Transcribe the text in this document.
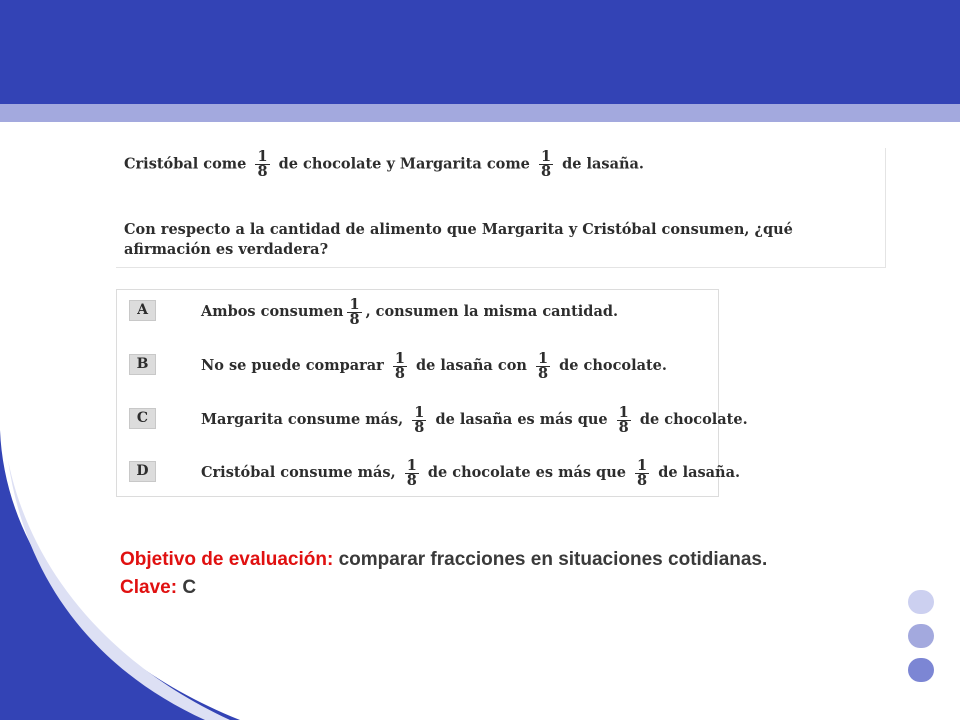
Cristóbal come $\frac{1}{8}$ de chocolate y Margarita come $\frac{1}{8}$ de lasaña.
Con respecto a la cantidad de alimento que Margarita y Cristóbal consumen, ¿qué afirmación es verdadera?
A	Ambos consumen $\frac{1}{8}$ , consumen la misma cantidad.
B	No se puede comparar $\frac{1}{8}$ de lasaña con $\frac{1}{8}$ de chocolate.
C	Margarita consume más, $\frac{1}{8}$ de lasaña es más que $\frac{1}{8}$ de chocolate.
D	Cristóbal consume más, $\frac{1}{8}$ de chocolate es más que $\frac{1}{8}$ de lasaña.
Objetivo de evaluación: comparar fracciones en situaciones cotidianas.
Clave: C
